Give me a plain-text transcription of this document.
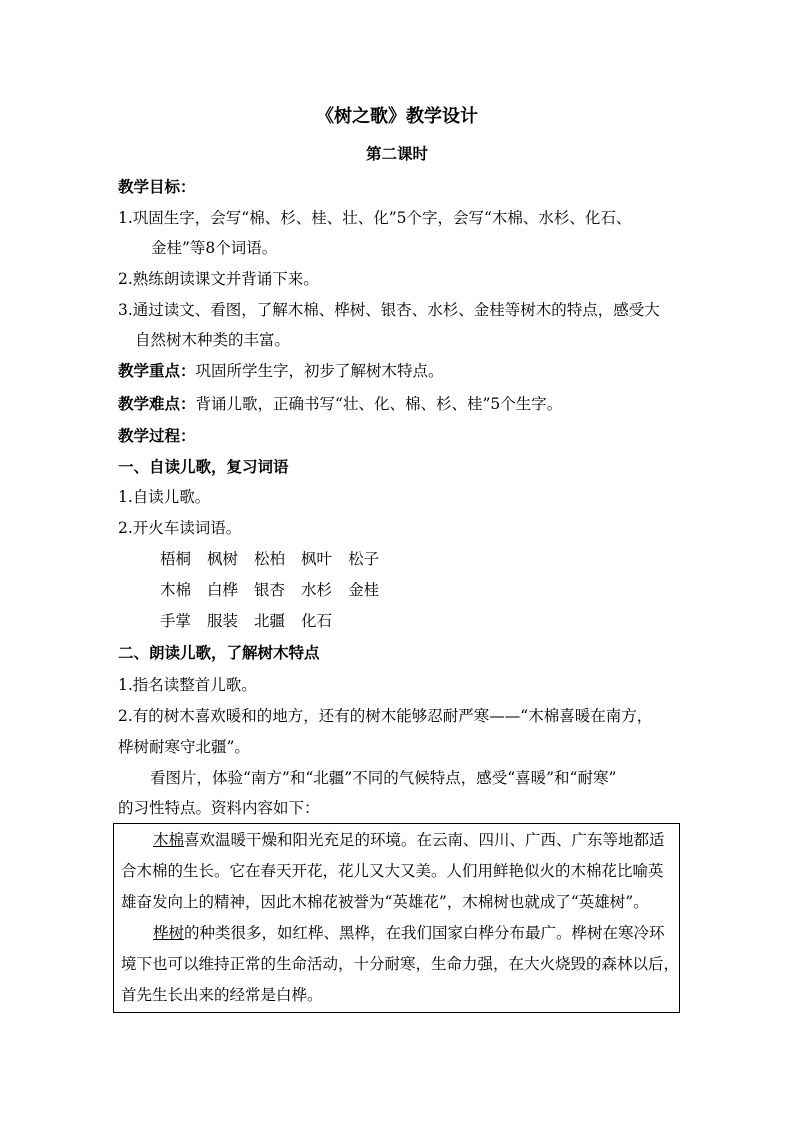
《树之歌》教学设计
第二课时
教学目标：
1.巩固生字，会写“棉、杉、桂、壮、化”5个字，会写“木棉、水杉、化石、
金桂”等8个词语。
2.熟练朗读课文并背诵下来。
3.通过读文、看图，了解木棉、桦树、银杏、水杉、金桂等树木的特点，感受大
自然树木种类的丰富。
教学重点：巩固所学生字，初步了解树木特点。
教学难点：背诵儿歌，正确书写“壮、化、棉、杉、桂”5个生字。
教学过程：
一、自读儿歌，复习词语
1.自读儿歌。
2.开火车读词语。
梧桐 枫树 松柏 枫叶 松子
木棉 白桦 银杏 水杉 金桂
手掌 服装 北疆 化石
二、朗读儿歌，了解树木特点
1.指名读整首儿歌。
2.有的树木喜欢暖和的地方，还有的树木能够忍耐严寒——“木棉喜暖在南方，
桦树耐寒守北疆”。
看图片，体验“南方”和“北疆”不同的气候特点，感受“喜暖”和“耐寒”
的习性特点。资料内容如下：
木棉喜欢温暖干燥和阳光充足的环境。在云南、四川、广西、广东等地都适
合木棉的生长。它在春天开花，花儿又大又美。人们用鲜艳似火的木棉花比喻英
雄奋发向上的精神，因此木棉花被誉为“英雄花”，木棉树也就成了“英雄树”。
桦树的种类很多，如红桦、黑桦，在我们国家白桦分布最广。桦树在寒冷环
境下也可以维持正常的生命活动，十分耐寒，生命力强，在大火烧毁的森林以后，
首先生长出来的经常是白桦。
